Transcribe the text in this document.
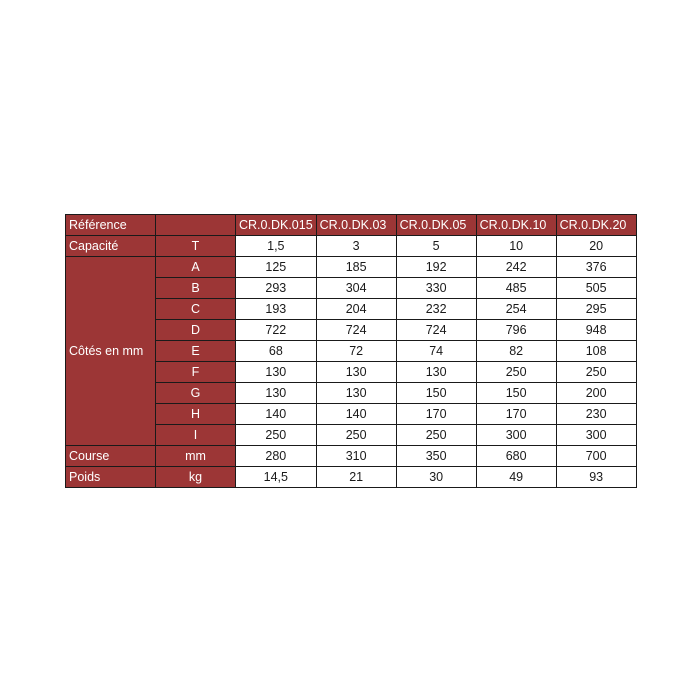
Référence		CR.0.DK.015	CR.0.DK.03	CR.0.DK.05	CR.0.DK.10	CR.0.DK.20
Capacité	T	1,5	3	5	10	20
Côtés en mm	A	125	185	192	242	376
	B	293	304	330	485	505
	C	193	204	232	254	295
	D	722	724	724	796	948
	E	68	72	74	82	108
	F	130	130	130	250	250
	G	130	130	150	150	200
	H	140	140	170	170	230
	I	250	250	250	300	300
Course	mm	280	310	350	680	700
Poids	kg	14,5	21	30	49	93
